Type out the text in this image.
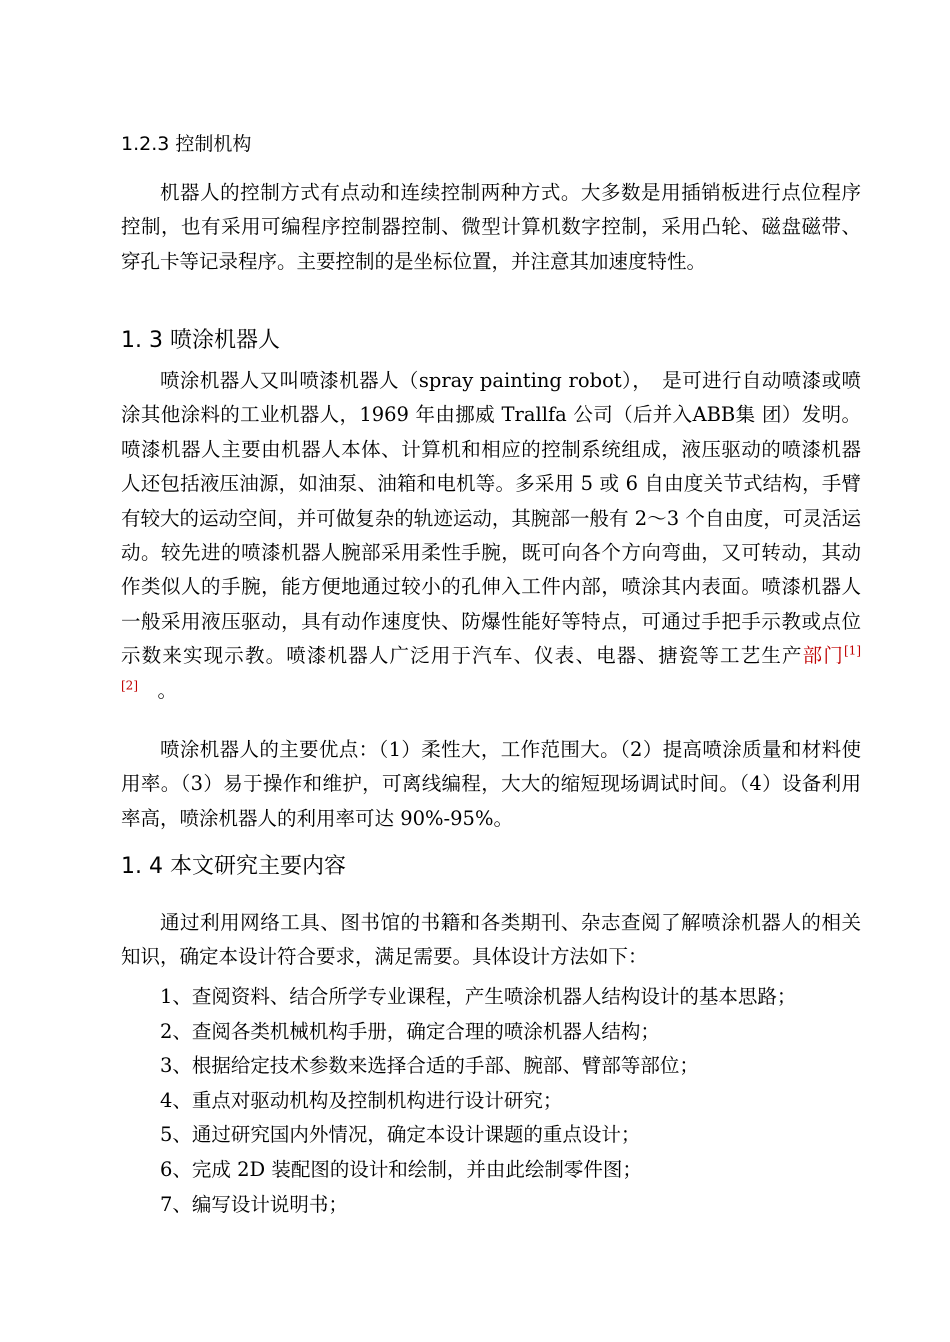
1.2.3 控制机构

机器人的控制方式有点动和连续控制两种方式。大多数是用插销板进行点位程序控制，也有采用可编程序控制器控制、微型计算机数字控制，采用凸轮、磁盘磁带、穿孔卡等记录程序。主要控制的是坐标位置，并注意其加速度特性。

1. 3 喷涂机器人

喷涂机器人又叫喷漆机器人（spray painting robot），　是可进行自动喷漆或喷涂其他涂料的工业机器人，1969 年由挪威 Trallfa 公司（后并入ABB集 团）发明。喷漆机器人主要由机器人本体、计算机和相应的控制系统组成，液压驱动的喷漆机器人还包括液压油源，如油泵、油箱和电机等。多采用 5 或 6 自由度关节式结构，手臂有较大的运动空间，并可做复杂的轨迹运动，其腕部一般有 2～3 个自由度，可灵活运动。较先进的喷漆机器人腕部采用柔性手腕，既可向各个方向弯曲，又可转动，其动作类似人的手腕，能方便地通过较小的孔伸入工件内部，喷涂其内表面。喷漆机器人一般采用液压驱动，具有动作速度快、防爆性能好等特点，可通过手把手示教或点位示数来实现示教。喷漆机器人广泛用于汽车、仪表、电器、搪瓷等工艺生产部门[1][2]　。

喷涂机器人的主要优点：（1）柔性大，工作范围大。（2）提高喷涂质量和材料使用率。（3）易于操作和维护，可离线编程，大大的缩短现场调试时间。（4）设备利用率高，喷涂机器人的利用率可达 90%-95%。

1. 4 本文研究主要内容

通过利用网络工具、图书馆的书籍和各类期刊、杂志查阅了解喷涂机器人的相关知识，确定本设计符合要求，满足需要。具体设计方法如下：

1、查阅资料、结合所学专业课程，产生喷涂机器人结构设计的基本思路；
2、查阅各类机械机构手册，确定合理的喷涂机器人结构；
3、根据给定技术参数来选择合适的手部、腕部、臂部等部位；
4、重点对驱动机构及控制机构进行设计研究；
5、通过研究国内外情况，确定本设计课题的重点设计；
6、完成 2D 装配图的设计和绘制，并由此绘制零件图；
7、编写设计说明书；
